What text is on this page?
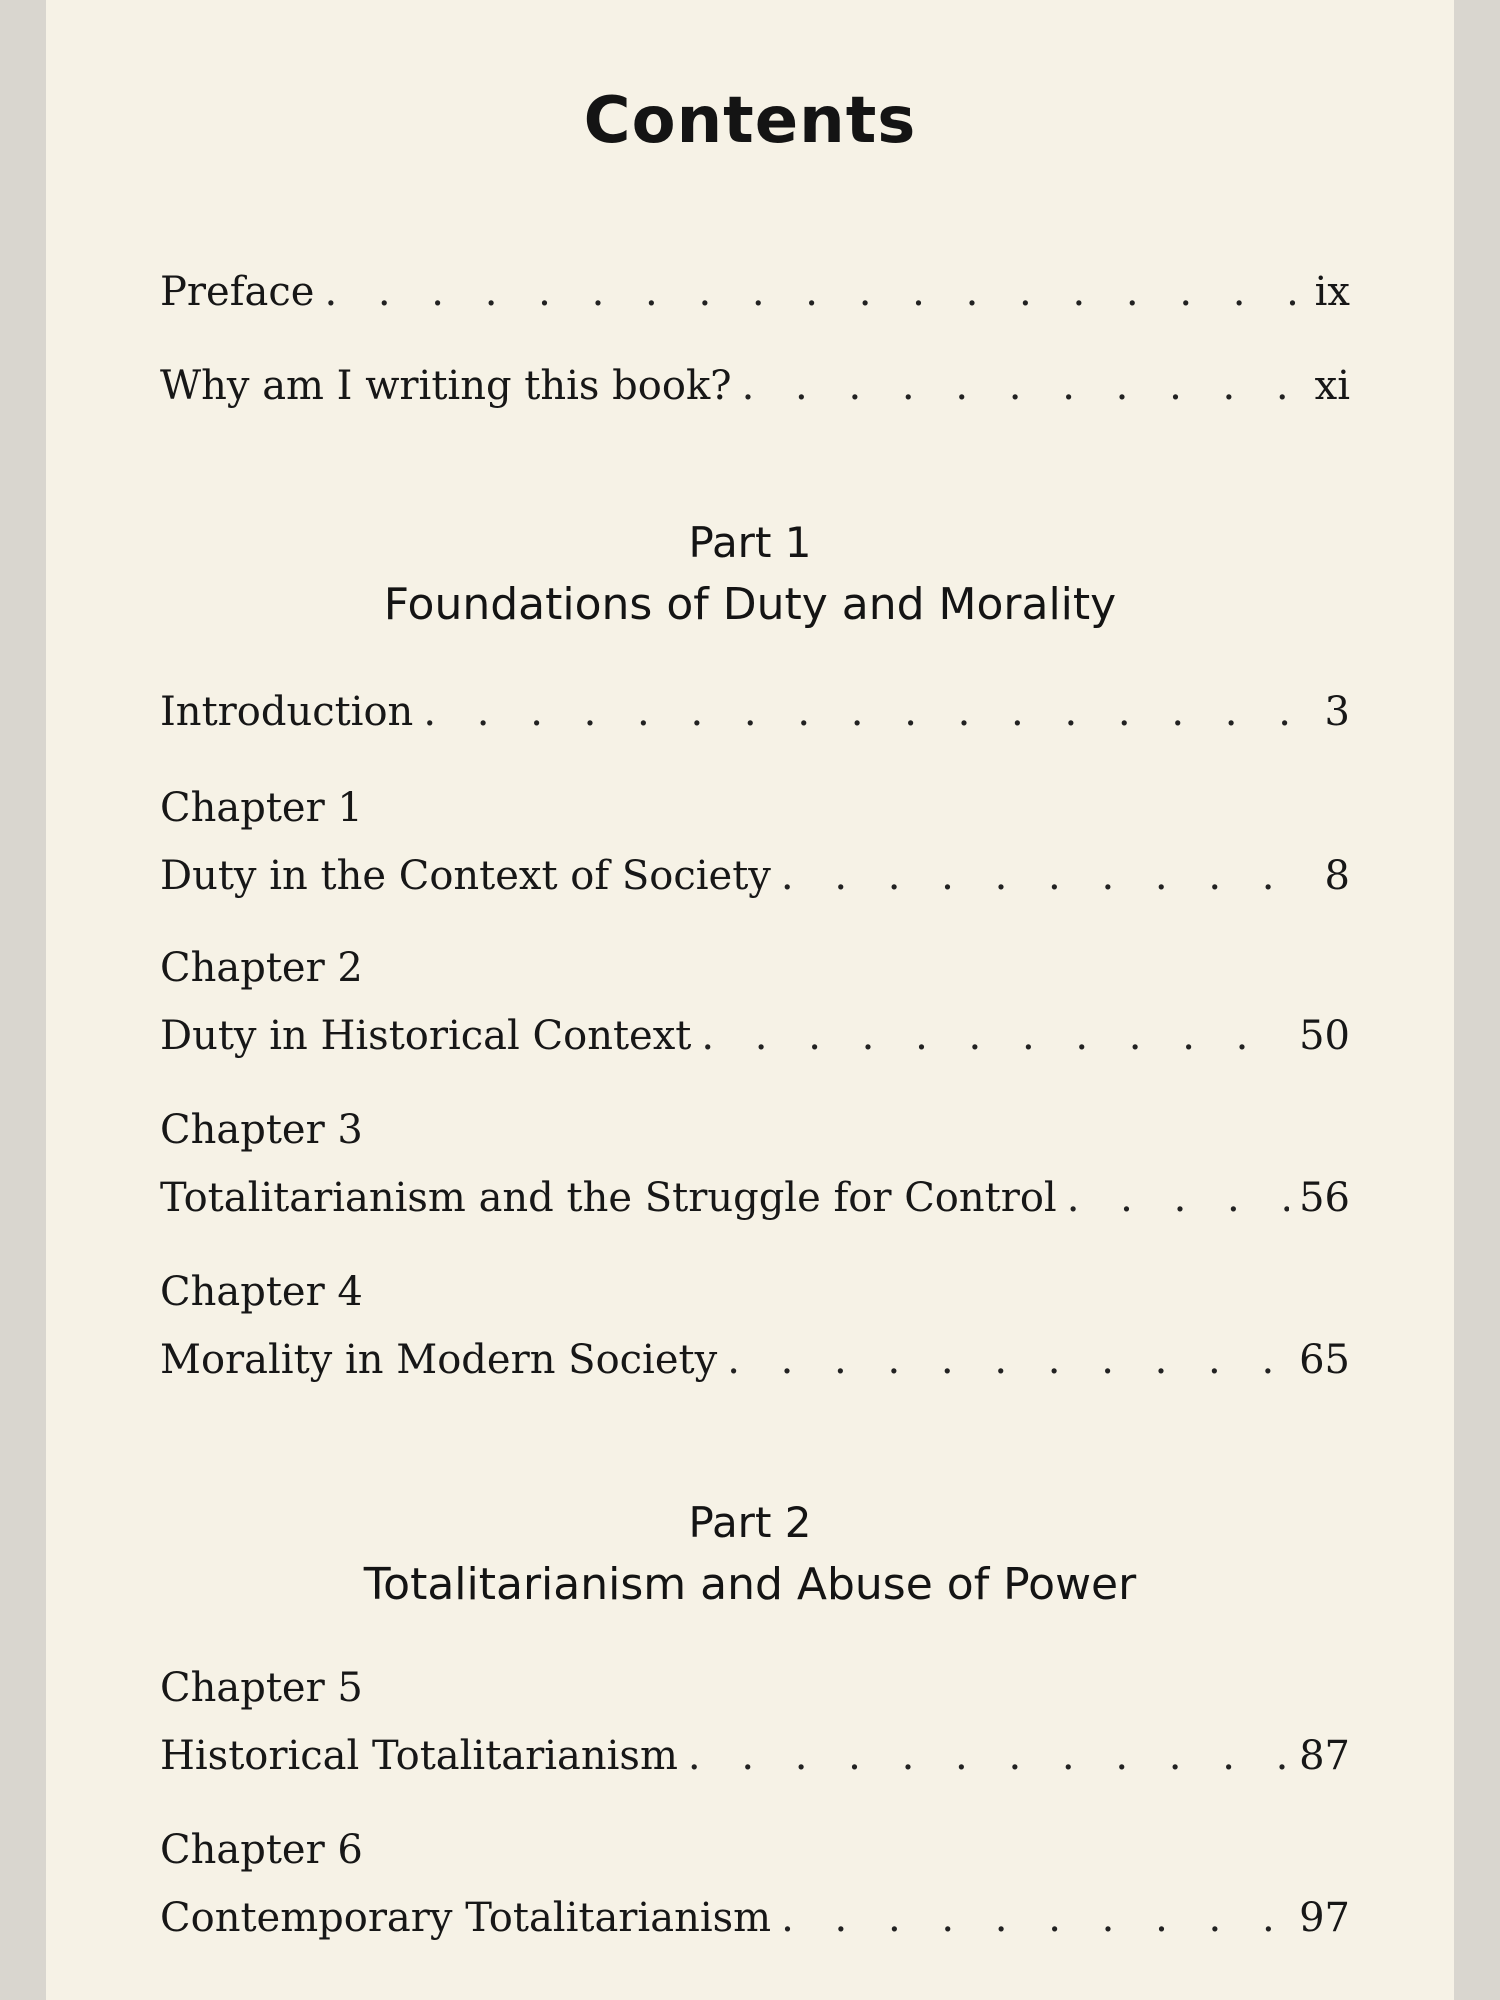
Contents
Preface . . .	ix
Why am I writing this book? . . .	xi
Part 1
Foundations of Duty and Morality
Introduction . . .	3
Chapter 1
Duty in the Context of Society . . .	8
Chapter 2
Duty in Historical Context . . .	50
Chapter 3
Totalitarianism and the Struggle for Control . . .	56
Chapter 4
Morality in Modern Society . . .	65
Part 2
Totalitarianism and Abuse of Power
Chapter 5
Historical Totalitarianism . . .	87
Chapter 6
Contemporary Totalitarianism . . .	97
